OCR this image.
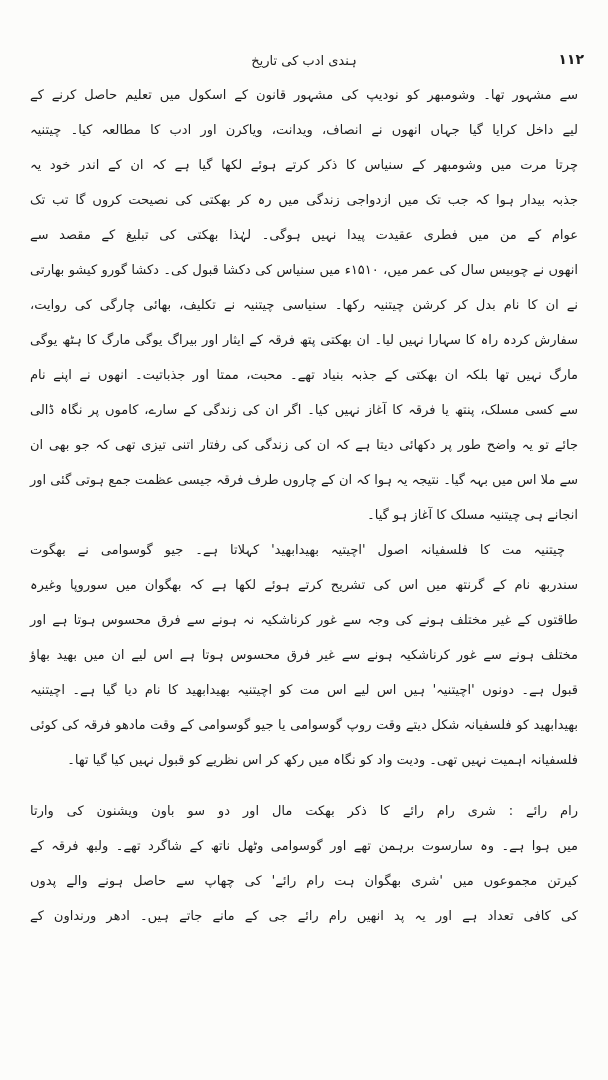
ہندی ادب کی تاریخ	۱۱۲
سے مشہور تھا۔ وشومبھر کو نودیپ کی مشہور قانون کے اسکول میں تعلیم حاصل کرنے کے
لیے داخل کرایا گیا جہاں انھوں نے انصاف، ویدانت، ویاکرن اور ادب کا مطالعہ کیا۔ چیتنیہ
چرتا مرت میں وشومبھر کے سنیاس کا ذکر کرتے ہوئے لکھا گیا ہے کہ ان کے اندر خود یہ
جذبہ بیدار ہوا کہ جب تک میں ازدواجی زندگی میں رہ کر بھکتی کی نصیحت کروں گا تب تک
عوام کے من میں فطری عقیدت پیدا نہیں ہوگی۔ لہٰذا بھکتی کی تبلیغ کے مقصد سے
انھوں نے چوبیس سال کی عمر میں، ۱۵۱۰ء میں سنیاس کی دکشا قبول کی۔ دکشا گورو کیشو بھارتی
نے ان کا نام بدل کر کرشن چیتنیہ رکھا۔ سنیاسی چیتنیہ نے تکلیف، بھائی چارگی کی روایت،
سفارش کردہ راہ کا سہارا نہیں لیا۔ ان بھکتی پتھ فرقہ کے ایثار اور بیراگ یوگی مارگ کا ہٹھ یوگی
مارگ نہیں تھا بلکہ ان بھکتی کے جذبہ بنیاد تھے۔ محبت، ممتا اور جذباتیت۔ انھوں نے اپنے نام
سے کسی مسلک، پنتھ یا فرقہ کا آغاز نہیں کیا۔ اگر ان کی زندگی کے سارے، کاموں پر نگاہ ڈالی
جائے تو یہ واضح طور پر دکھائی دیتا ہے کہ ان کی زندگی کی رفتار اتنی تیزی تھی کہ جو بھی ان
سے ملا اس میں بہہ گیا۔ نتیجہ یہ ہوا کہ ان کے چاروں طرف فرقہ جیسی عظمت جمع ہوتی گئی اور
انجانے ہی چیتنیہ مسلک کا آغاز ہو گیا۔
چیتنیہ مت کا فلسفیانہ اصول 'اچیتیہ بھیدابھید' کہلاتا ہے۔ جیو گوسوامی نے بھگوت
سندربھ نام کے گرنتھ میں اس کی تشریح کرتے ہوئے لکھا ہے کہ بھگوان میں سوروپا وغیرہ
طاقتوں کے غیر مختلف ہونے کی وجہ سے غور کرناشکیہ نہ ہونے سے فرق محسوس ہوتا ہے اور
مختلف ہونے سے غور کرناشکیہ ہونے سے غیر فرق محسوس ہوتا ہے اس لیے ان میں بھید بھاؤ
قبول ہے۔ دونوں 'اچیتنیہ' ہیں اس لیے اس مت کو اچیتنیہ بھیدابھید کا نام دیا گیا ہے۔ اچیتنیہ
بھیدابھید کو فلسفیانہ شکل دیتے وقت روپ گوسوامی یا جیو گوسوامی کے وقت مادھو فرقہ کی کوئی
فلسفیانہ اہمیت نہیں تھی۔ ودیت واد کو نگاہ میں رکھ کر اس نظریے کو قبول نہیں کیا گیا تھا۔
رام رائے : شری رام رائے کا ذکر بھکت مال اور دو سو باون ویشنون کی وارتا
میں ہوا ہے۔ وہ سارسوت برہمن تھے اور گوسوامی وٹھل ناتھ کے شاگرد تھے۔ ولبھ فرقہ کے
کیرتن مجموعوں میں 'شری بھگوان ہت رام رائے' کی چھاپ سے حاصل ہونے والے پدوں
کی کافی تعداد ہے اور یہ پد انھیں رام رائے جی کے مانے جاتے ہیں۔ ادھر ورنداون کے
